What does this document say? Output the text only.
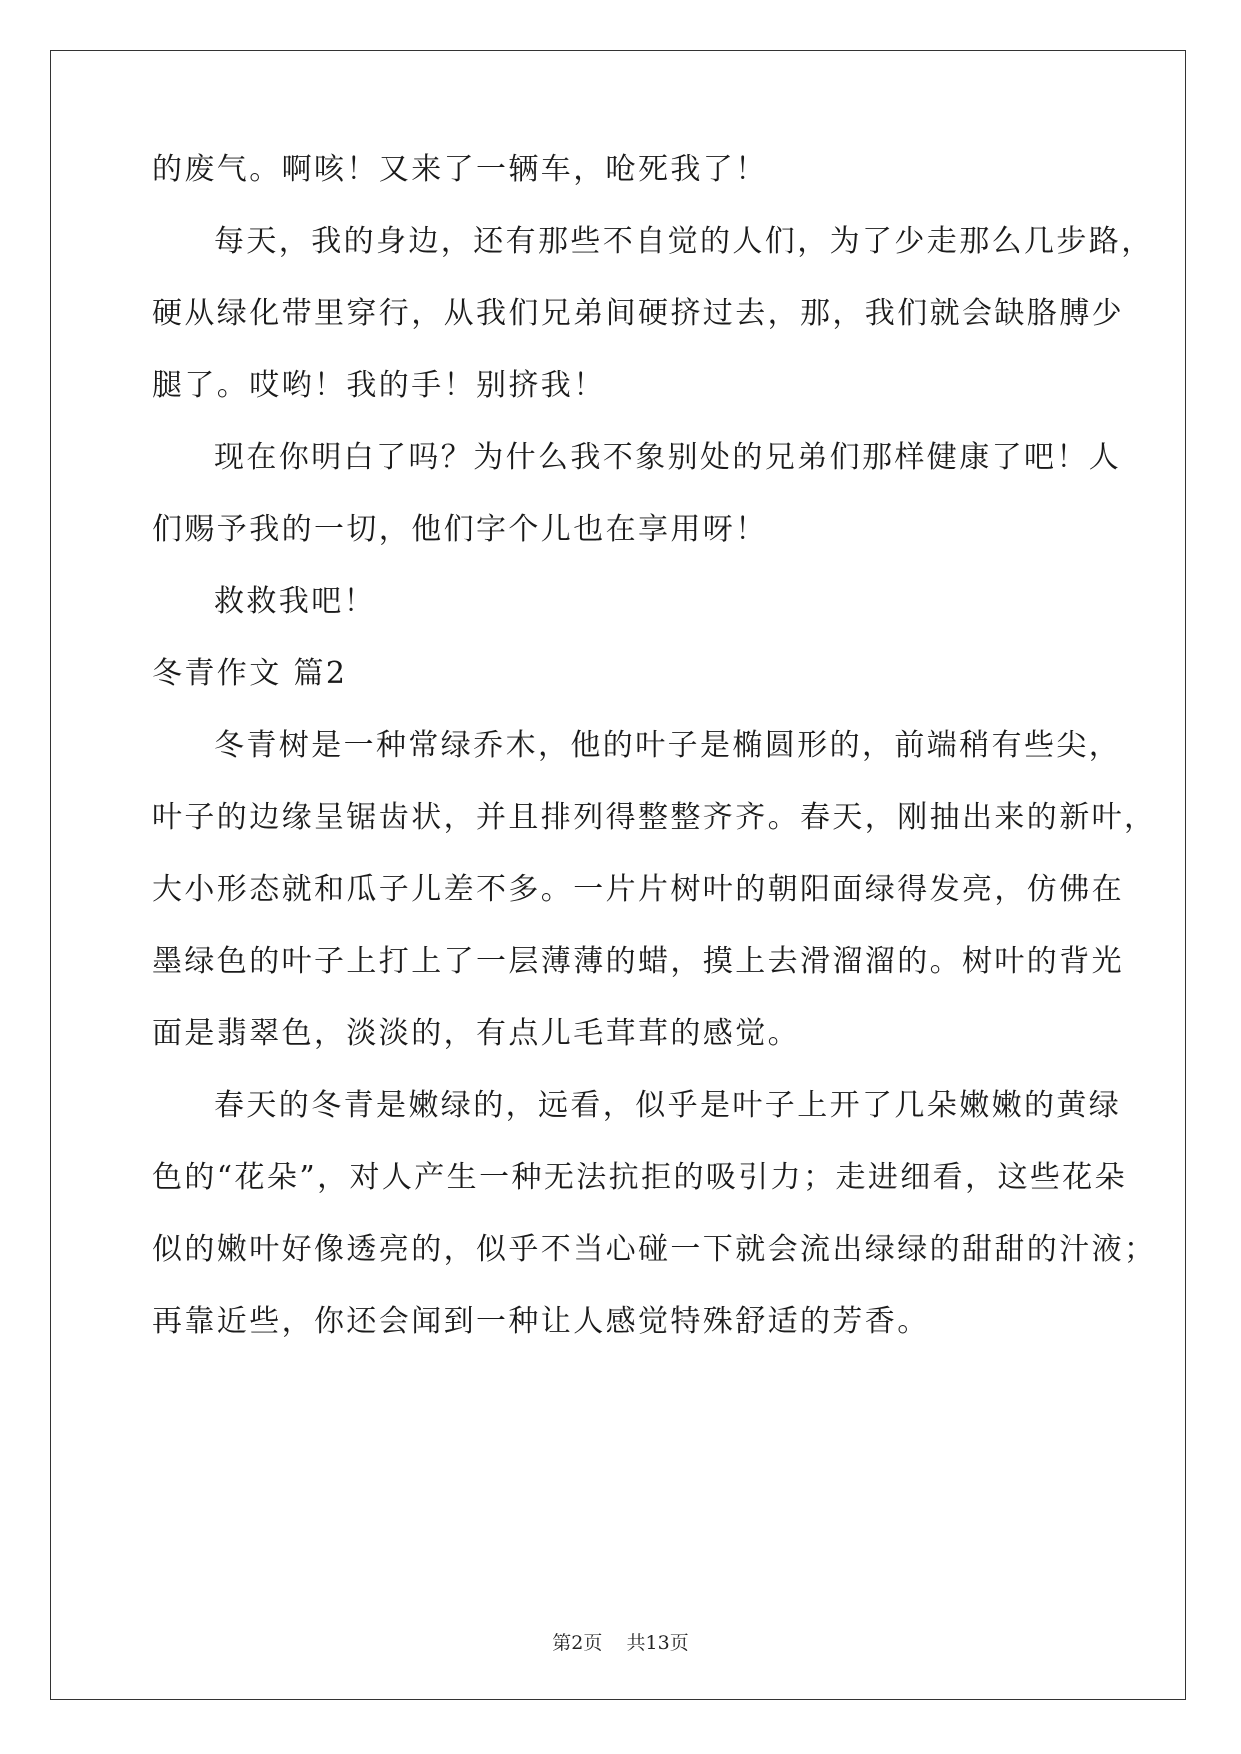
的废气。啊咳！又来了一辆车，呛死我了！

每天，我的身边，还有那些不自觉的人们，为了少走那么几步路，

硬从绿化带里穿行，从我们兄弟间硬挤过去，那，我们就会缺胳膊少

腿了。哎哟！我的手！别挤我！

现在你明白了吗？为什么我不象别处的兄弟们那样健康了吧！人

们赐予我的一切，他们字个儿也在享用呀！

救救我吧！

冬青作文 篇2

冬青树是一种常绿乔木，他的叶子是椭圆形的，前端稍有些尖，

叶子的边缘呈锯齿状，并且排列得整整齐齐。春天，刚抽出来的新叶，

大小形态就和瓜子儿差不多。一片片树叶的朝阳面绿得发亮，仿佛在

墨绿色的叶子上打上了一层薄薄的蜡，摸上去滑溜溜的。树叶的背光

面是翡翠色，淡淡的，有点儿毛茸茸的感觉。

春天的冬青是嫩绿的，远看，似乎是叶子上开了几朵嫩嫩的黄绿

色的“花朵”，对人产生一种无法抗拒的吸引力；走进细看，这些花朵

似的嫩叶好像透亮的，似乎不当心碰一下就会流出绿绿的甜甜的汁液；

再靠近些，你还会闻到一种让人感觉特殊舒适的芳香。

第2页    共13页
